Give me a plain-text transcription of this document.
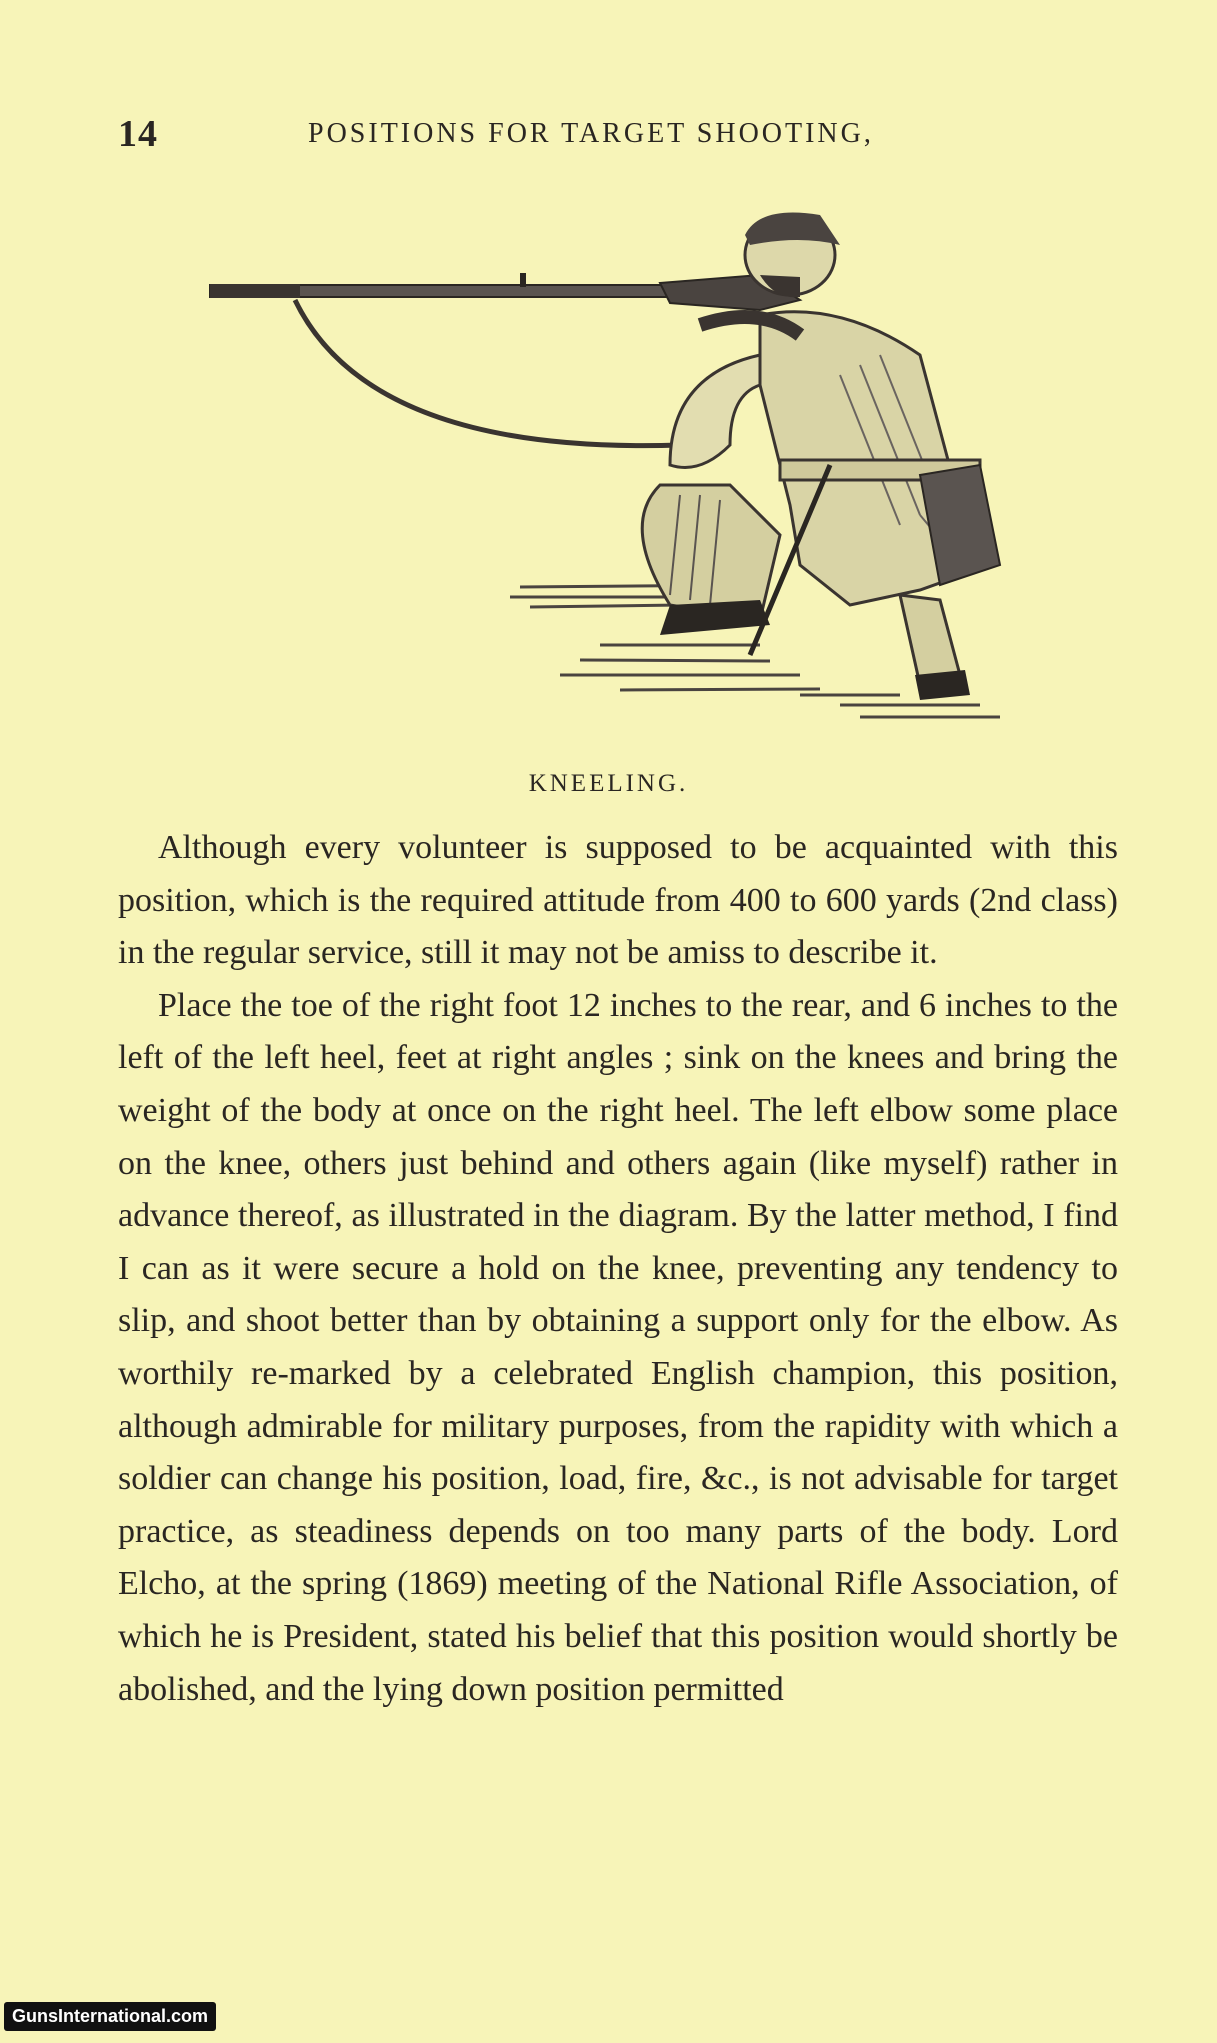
14	POSITIONS FOR TARGET SHOOTING,
KNEELING.

Although every volunteer is supposed to be acquainted with this position, which is the required attitude from 400 to 600 yards (2nd class) in the regular service, still it may not be amiss to describe it.

Place the toe of the right foot 12 inches to the rear, and 6 inches to the left of the left heel, feet at right angles ; sink on the knees and bring the weight of the body at once on the right heel. The left elbow some place on the knee, others just behind and others again (like myself) rather in advance thereof, as illustrated in the diagram. By the latter method, I find I can as it were secure a hold on the knee, preventing any tendency to slip, and shoot better than by obtaining a support only for the elbow. As worthily re-marked by a celebrated English champion, this position, although admirable for military purposes, from the rapidity with which a soldier can change his position, load, fire, &c., is not advisable for target practice, as steadiness depends on too many parts of the body. Lord Elcho, at the spring (1869) meeting of the National Rifle Association, of which he is President, stated his belief that this position would shortly be abolished, and the lying down position permitted

GunsInternational.com
